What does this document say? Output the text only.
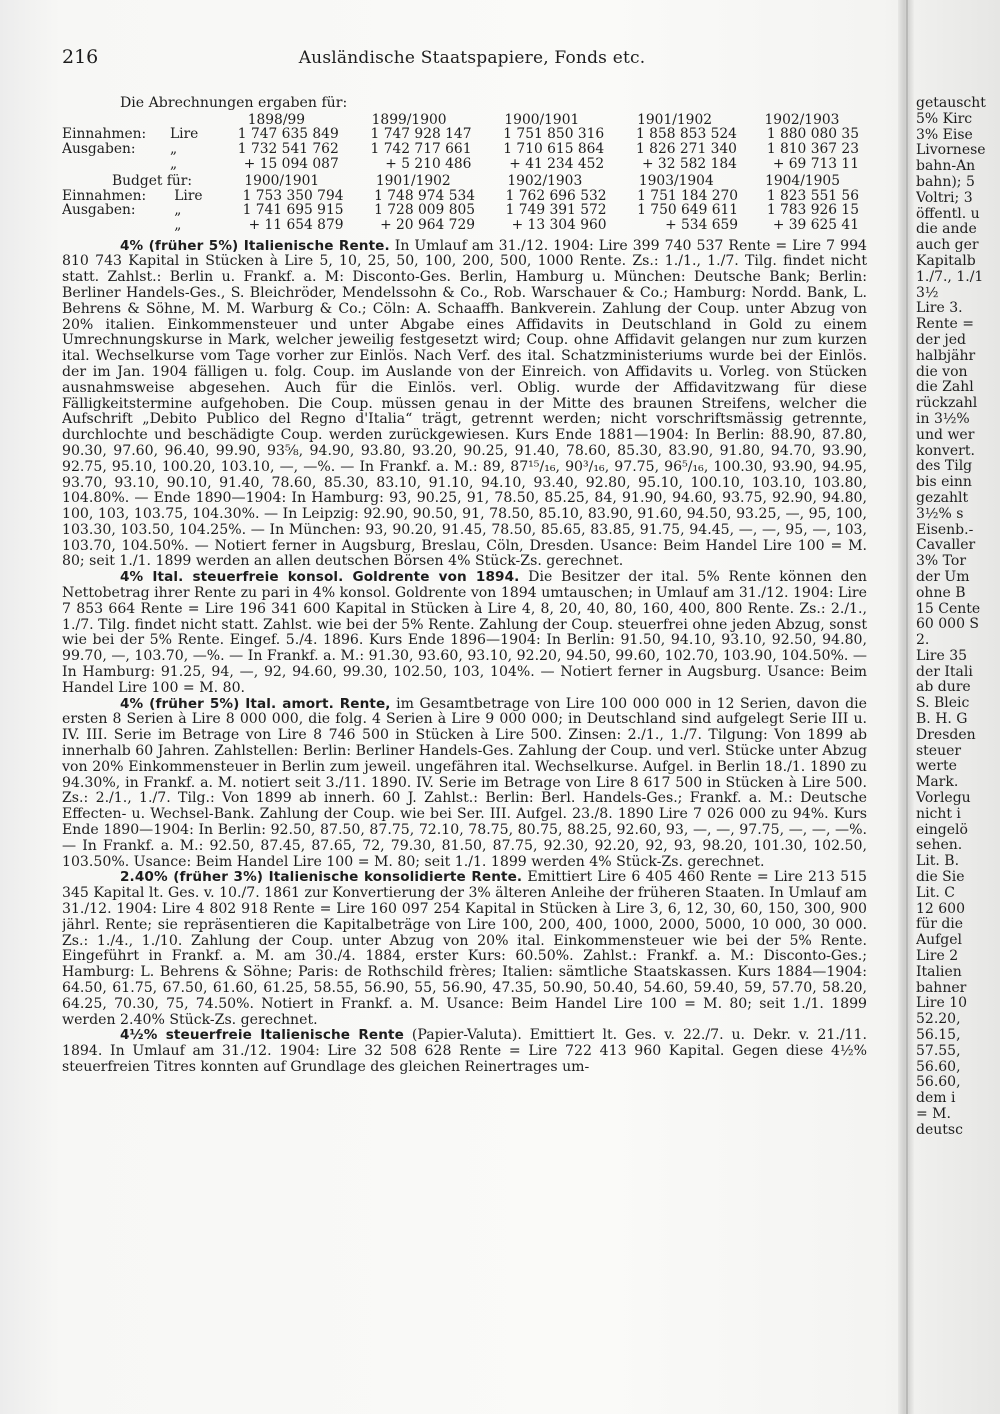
216	Ausländische Staatspapiere, Fonds etc.
Die Abrechnungen ergaben für:
		1898/99	1899/1900	1900/1901	1901/1902	1902/1903
Einnahmen:	Lire	1 747 635 849	1 747 928 147	1 751 850 316	1 858 853 524	1 880 080 35
Ausgaben:	„	1 732 541 762	1 742 717 661	1 710 615 864	1 826 271 340	1 810 367 23
	„	+ 15 094 087	+ 5 210 486	+ 41 234 452	+ 32 582 184	+ 69 713 11
Budget für:		1900/1901	1901/1902	1902/1903	1903/1904	1904/1905
Einnahmen:	Lire	1 753 350 794	1 748 974 534	1 762 696 532	1 751 184 270	1 823 551 56
Ausgaben:	„	1 741 695 915	1 728 009 805	1 749 391 572	1 750 649 611	1 783 926 15
	„	+ 11 654 879	+ 20 964 729	+ 13 304 960	+ 534 659	+ 39 625 41

4% (früher 5%) Italienische Rente. In Umlauf am 31./12. 1904: Lire 399 740 537 Rente = Lire 7 994 810 743 Kapital in Stücken à Lire 5, 10, 25, 50, 100, 200, 500, 1000 Rente. Zs.: 1./1., 1./7. Tilg. findet nicht statt. Zahlst.: Berlin u. Frankf. a. M: Disconto-Ges. Berlin, Hamburg u. München: Deutsche Bank; Berlin: Berliner Handels-Ges., S. Bleichröder, Mendelssohn & Co., Rob. Warschauer & Co.; Hamburg: Nordd. Bank, L. Behrens & Söhne, M. M. Warburg & Co.; Cöln: A. Schaaffh. Bankverein. Zahlung der Coup. unter Abzug von 20% italien. Einkommensteuer und unter Abgabe eines Affidavits in Deutschland in Gold zu einem Umrechnungskurse in Mark, welcher jeweilig festgesetzt wird; Coup. ohne Affidavit gelangen nur zum kurzen ital. Wechselkurse vom Tage vorher zur Einlös. Nach Verf. des ital. Schatzministeriums wurde bei der Einlös. der im Jan. 1904 fälligen u. folg. Coup. im Auslande von der Einreich. von Affidavits u. Vorleg. von Stücken ausnahmsweise abgesehen. Auch für die Einlös. verl. Oblig. wurde der Affidavitzwang für diese Fälligkeitstermine aufgehoben. Die Coup. müssen genau in der Mitte des braunen Streifens, welcher die Aufschrift „Debito Publico del Regno d'Italia“ trägt, getrennt werden; nicht vorschriftsmässig getrennte, durchlochte und beschädigte Coup. werden zurückgewiesen. Kurs Ende 1881—1904: In Berlin: 88.90, 87.80, 90.30, 97.60, 96.40, 99.90, 93⅝, 94.90, 93.80, 93.20, 90.25, 91.40, 78.60, 85.30, 83.90, 91.80, 94.70, 93.90, 92.75, 95.10, 100.20, 103.10, —, —%. — In Frankf. a. M.: 89, 87¹⁵/₁₆, 90³/₁₆, 97.75, 96⁵/₁₆, 100.30, 93.90, 94.95, 93.70, 93.10, 90.10, 91.40, 78.60, 85.30, 83.10, 91.10, 94.10, 93.40, 92.80, 95.10, 100.10, 103.10, 103.80, 104.80%. — Ende 1890—1904: In Hamburg: 93, 90.25, 91, 78.50, 85.25, 84, 91.90, 94.60, 93.75, 92.90, 94.80, 100, 103, 103.75, 104.30%. — In Leipzig: 92.90, 90.50, 91, 78.50, 85.10, 83.90, 91.60, 94.50, 93.25, —, 95, 100, 103.30, 103.50, 104.25%. — In München: 93, 90.20, 91.45, 78.50, 85.65, 83.85, 91.75, 94.45, —, —, 95, —, 103, 103.70, 104.50%. — Notiert ferner in Augsburg, Breslau, Cöln, Dresden. Usance: Beim Handel Lire 100 = M. 80; seit 1./1. 1899 werden an allen deutschen Börsen 4% Stück-Zs. gerechnet.

4% Ital. steuerfreie konsol. Goldrente von 1894. Die Besitzer der ital. 5% Rente können den Nettobetrag ihrer Rente zu pari in 4% konsol. Goldrente von 1894 umtauschen; in Umlauf am 31./12. 1904: Lire 7 853 664 Rente = Lire 196 341 600 Kapital in Stücken à Lire 4, 8, 20, 40, 80, 160, 400, 800 Rente. Zs.: 2./1., 1./7. Tilg. findet nicht statt. Zahlst. wie bei der 5% Rente. Zahlung der Coup. steuerfrei ohne jeden Abzug, sonst wie bei der 5% Rente. Eingef. 5./4. 1896. Kurs Ende 1896—1904: In Berlin: 91.50, 94.10, 93.10, 92.50, 94.80, 99.70, —, 103.70, —%. — In Frankf. a. M.: 91.30, 93.60, 93.10, 92.20, 94.50, 99.60, 102.70, 103.90, 104.50%. — In Hamburg: 91.25, 94, —, 92, 94.60, 99.30, 102.50, 103, 104%. — Notiert ferner in Augsburg. Usance: Beim Handel Lire 100 = M. 80.

4% (früher 5%) Ital. amort. Rente, im Gesamtbetrage von Lire 100 000 000 in 12 Serien, davon die ersten 8 Serien à Lire 8 000 000, die folg. 4 Serien à Lire 9 000 000; in Deutschland sind aufgelegt Serie III u. IV. III. Serie im Betrage von Lire 8 746 500 in Stücken à Lire 500. Zinsen: 2./1., 1./7. Tilgung: Von 1899 ab innerhalb 60 Jahren. Zahlstellen: Berlin: Berliner Handels-Ges. Zahlung der Coup. und verl. Stücke unter Abzug von 20% Einkommensteuer in Berlin zum jeweil. ungefähren ital. Wechselkurse. Aufgel. in Berlin 18./1. 1890 zu 94.30%, in Frankf. a. M. notiert seit 3./11. 1890. IV. Serie im Betrage von Lire 8 617 500 in Stücken à Lire 500. Zs.: 2./1., 1./7. Tilg.: Von 1899 ab innerh. 60 J. Zahlst.: Berlin: Berl. Handels-Ges.; Frankf. a. M.: Deutsche Effecten- u. Wechsel-Bank. Zahlung der Coup. wie bei Ser. III. Aufgel. 23./8. 1890 Lire 7 026 000 zu 94%. Kurs Ende 1890—1904: In Berlin: 92.50, 87.50, 87.75, 72.10, 78.75, 80.75, 88.25, 92.60, 93, —, —, 97.75, —, —, —%. — In Frankf. a. M.: 92.50, 87.45, 87.65, 72, 79.30, 81.50, 87.75, 92.30, 92.20, 92, 93, 98.20, 101.30, 102.50, 103.50%. Usance: Beim Handel Lire 100 = M. 80; seit 1./1. 1899 werden 4% Stück-Zs. gerechnet.

2.40% (früher 3%) Italienische konsolidierte Rente. Emittiert Lire 6 405 460 Rente = Lire 213 515 345 Kapital lt. Ges. v. 10./7. 1861 zur Konvertierung der 3% älteren Anleihe der früheren Staaten. In Umlauf am 31./12. 1904: Lire 4 802 918 Rente = Lire 160 097 254 Kapital in Stücken à Lire 3, 6, 12, 30, 60, 150, 300, 900 jährl. Rente; sie repräsentieren die Kapitalbeträge von Lire 100, 200, 400, 1000, 2000, 5000, 10 000, 30 000. Zs.: 1./4., 1./10. Zahlung der Coup. unter Abzug von 20% ital. Einkommensteuer wie bei der 5% Rente. Eingeführt in Frankf. a. M. am 30./4. 1884, erster Kurs: 60.50%. Zahlst.: Frankf. a. M.: Disconto-Ges.; Hamburg: L. Behrens & Söhne; Paris: de Rothschild frères; Italien: sämtliche Staatskassen. Kurs 1884—1904: 64.50, 61.75, 67.50, 61.60, 61.25, 58.55, 56.90, 55, 56.90, 47.35, 50.90, 50.40, 54.60, 59.40, 59, 57.70, 58.20, 64.25, 70.30, 75, 74.50%. Notiert in Frankf. a. M. Usance: Beim Handel Lire 100 = M. 80; seit 1./1. 1899 werden 2.40% Stück-Zs. gerechnet.

4½% steuerfreie Italienische Rente (Papier-Valuta). Emittiert lt. Ges. v. 22./7. u. Dekr. v. 21./11. 1894. In Umlauf am 31./12. 1904: Lire 32 508 628 Rente = Lire 722 413 960 Kapital. Gegen diese 4½% steuerfreien Titres konnten auf Grundlage des gleichen Reinertrages um-

getauscht
5% Kirc
3% Eise
Livornese
bahn-An
bahn); 5
Voltri; 3
öffentl. u
die ande
auch ger
Kapitalb
1./7., 1./1
3½
Lire 3.
Rente =
der jed
halbjähr
die von
die Zahl
rückzahl
in 3½%
und wer
konvert.
des Tilg
bis einn
gezahlt
3½% s
Eisenb.-
Cavaller
3% Tor
der Um
ohne B
15 Cente
60 000 S
2.
Lire 35
der Itali
ab dure
S. Bleic
B. H. G
Dresden
steuer
werte
Mark.
Vorlegu
nicht i
eingelö
sehen.
Lit. B.
die Sie
Lit. C
12 600
für die
Aufgel
Lire 2
Italien
bahner
Lire 10
52.20,
56.15,
57.55,
56.60,
56.60,
dem i
= M.
deutsc
